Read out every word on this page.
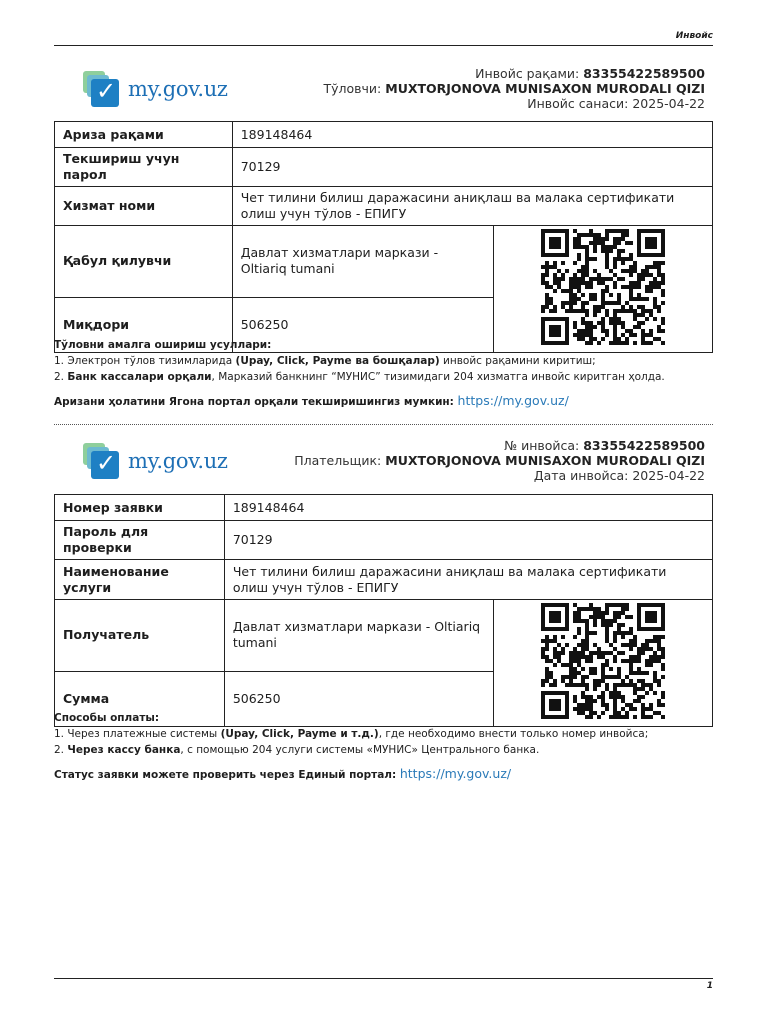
Инвойс
✓ my.gov.uz
Инвойс рақами: 83355422589500
Тўловчи: MUXTORJONOVA MUNISAXON MURODALI QIZI
Инвойс санаси: 2025-04-22
Ариза рақами	189148464	
Текшириш учун парол	70129	
Хизмат номи	Чет тилини билиш даражасини аниқлаш ва малака сертификати олиш учун тўлов - ЕПИГУ	
Қабул қилувчи	Давлат хизматлари маркази - Oltiariq tumani	
Миқдори	506250	
Тўловни амалга ошириш усуллари:
1. Электрон тўлов тизимларида (Upay, Click, Payme ва бошқалар) инвойс рақамини киритиш;
2. Банк кассалари орқали, Марказий банкнинг “МУНИС” тизимидаги 204 хизматга инвойс киритган ҳолда.
Аризани ҳолатини Ягона портал орқали текширишингиз мумкин: https://my.gov.uz/
✓ my.gov.uz
№ инвойса: 83355422589500
Плательщик: MUXTORJONOVA MUNISAXON MURODALI QIZI
Дата инвойса: 2025-04-22
Номер заявки	189148464	
Пароль для проверки	70129	
Наименование услуги	Чет тилини билиш даражасини аниқлаш ва малака сертификати олиш учун тўлов - ЕПИГУ	
Получатель	Давлат хизматлари маркази - Oltiariq tumani	
Сумма	506250	
Способы оплаты:
1. Через платежные системы (Upay, Click, Payme и т.д.), где необходимо внести только номер инвойса;
2. Через кассу банка, с помощью 204 услуги системы «МУНИС» Центрального банка.
Статус заявки можете проверить через Единый портал: https://my.gov.uz/
1
